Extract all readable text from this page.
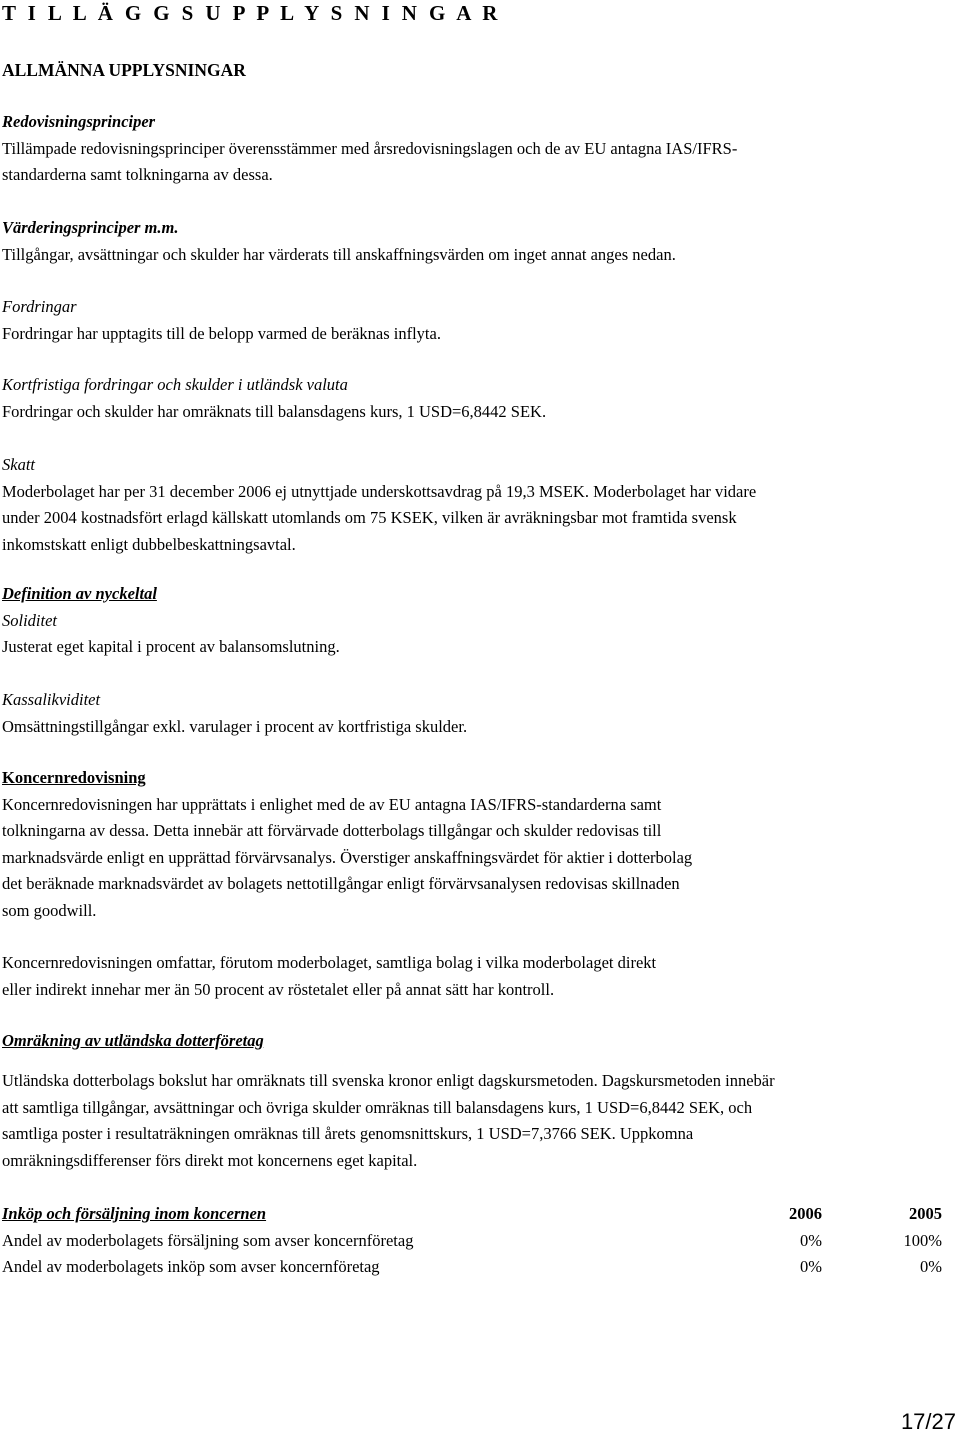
T I L L Ä G G S U P P L Y S N I N G A R
ALLMÄNNA UPPLYSNINGAR
Redovisningsprinciper
Tillämpade redovisningsprinciper överensstämmer med årsredovisningslagen och de av EU antagna IAS/IFRS-
standarderna samt tolkningarna av dessa.
Värderingsprinciper m.m.
Tillgångar, avsättningar och skulder har värderats till anskaffningsvärden om inget annat anges nedan.
Fordringar
Fordringar har upptagits till de belopp varmed de beräknas inflyta.
Kortfristiga fordringar och skulder i utländsk valuta
Fordringar och skulder har omräknats till balansdagens kurs, 1 USD=6,8442 SEK.
Skatt
Moderbolaget har per 31 december 2006 ej utnyttjade underskottsavdrag på 19,3 MSEK. Moderbolaget har vidare
under 2004 kostnadsfört erlagd källskatt utomlands om 75 KSEK, vilken är avräkningsbar mot framtida svensk
inkomstskatt enligt dubbelbeskattningsavtal.
Definition av nyckeltal
Soliditet
Justerat eget kapital i procent av balansomslutning.
Kassalikviditet
Omsättningstillgångar exkl. varulager i procent av kortfristiga skulder.
Koncernredovisning
Koncernredovisningen har upprättats i enlighet med de av EU antagna IAS/IFRS-standarderna samt
tolkningarna av dessa. Detta innebär att förvärvade dotterbolags tillgångar och skulder redovisas till
marknadsvärde enligt en upprättad förvärvsanalys. Överstiger anskaffningsvärdet för aktier i dotterbolag
det beräknade marknadsvärdet av bolagets nettotillgångar enligt förvärvsanalysen redovisas skillnaden
som goodwill.
Koncernredovisningen omfattar, förutom moderbolaget, samtliga bolag i vilka moderbolaget direkt
eller indirekt innehar mer än 50 procent av röstetalet eller på annat sätt har kontroll.
Omräkning av utländska dotterföretag
Utländska dotterbolags bokslut har omräknats till svenska kronor enligt dagskursmetoden. Dagskursmetoden innebär
att samtliga tillgångar, avsättningar och övriga skulder omräknas till balansdagens kurs, 1 USD=6,8442 SEK, och
samtliga poster i resultaträkningen omräknas till årets genomsnittskurs, 1 USD=7,3766 SEK. Uppkomna
omräkningsdifferenser förs direkt mot koncernens eget kapital.
Inköp och försäljning inom koncernen	2006	2005
Andel av moderbolagets försäljning som avser koncernföretag	0%	100%
Andel av moderbolagets inköp som avser koncernföretag	0%	0%
17/27
